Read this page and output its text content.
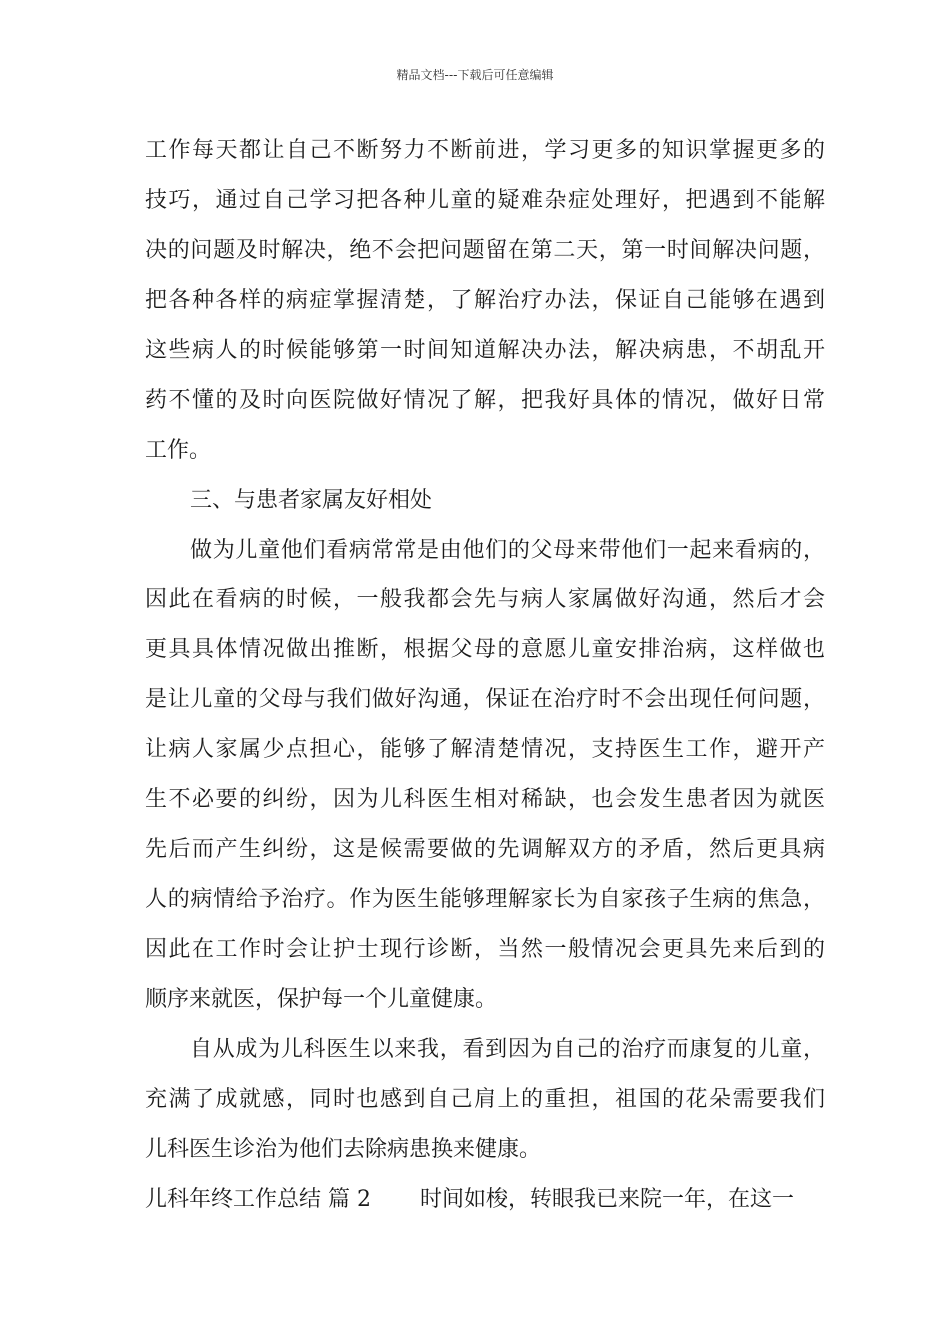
精品文档---下载后可任意编辑
工作每天都让自己不断努力不断前进，学习更多的知识掌握更多的
技巧，通过自己学习把各种儿童的疑难杂症处理好，把遇到不能解
决的问题及时解决，绝不会把问题留在第二天，第一时间解决问题，
把各种各样的病症掌握清楚，了解治疗办法，保证自己能够在遇到
这些病人的时候能够第一时间知道解决办法，解决病患，不胡乱开
药不懂的及时向医院做好情况了解，把我好具体的情况，做好日常
工作。
三、与患者家属友好相处
做为儿童他们看病常常是由他们的父母来带他们一起来看病的，
因此在看病的时候，一般我都会先与病人家属做好沟通，然后才会
更具具体情况做出推断，根据父母的意愿儿童安排治病，这样做也
是让儿童的父母与我们做好沟通，保证在治疗时不会出现任何问题，
让病人家属少点担心，能够了解清楚情况，支持医生工作，避开产
生不必要的纠纷，因为儿科医生相对稀缺，也会发生患者因为就医
先后而产生纠纷，这是候需要做的先调解双方的矛盾，然后更具病
人的病情给予治疗。作为医生能够理解家长为自家孩子生病的焦急，
因此在工作时会让护士现行诊断，当然一般情况会更具先来后到的
顺序来就医，保护每一个儿童健康。
自从成为儿科医生以来我，看到因为自己的治疗而康复的儿童，
充满了成就感，同时也感到自己肩上的重担，祖国的花朵需要我们
儿科医生诊治为他们去除病患换来健康。
儿科年终工作总结 篇 2 时间如梭，转眼我已来院一年，在这一
